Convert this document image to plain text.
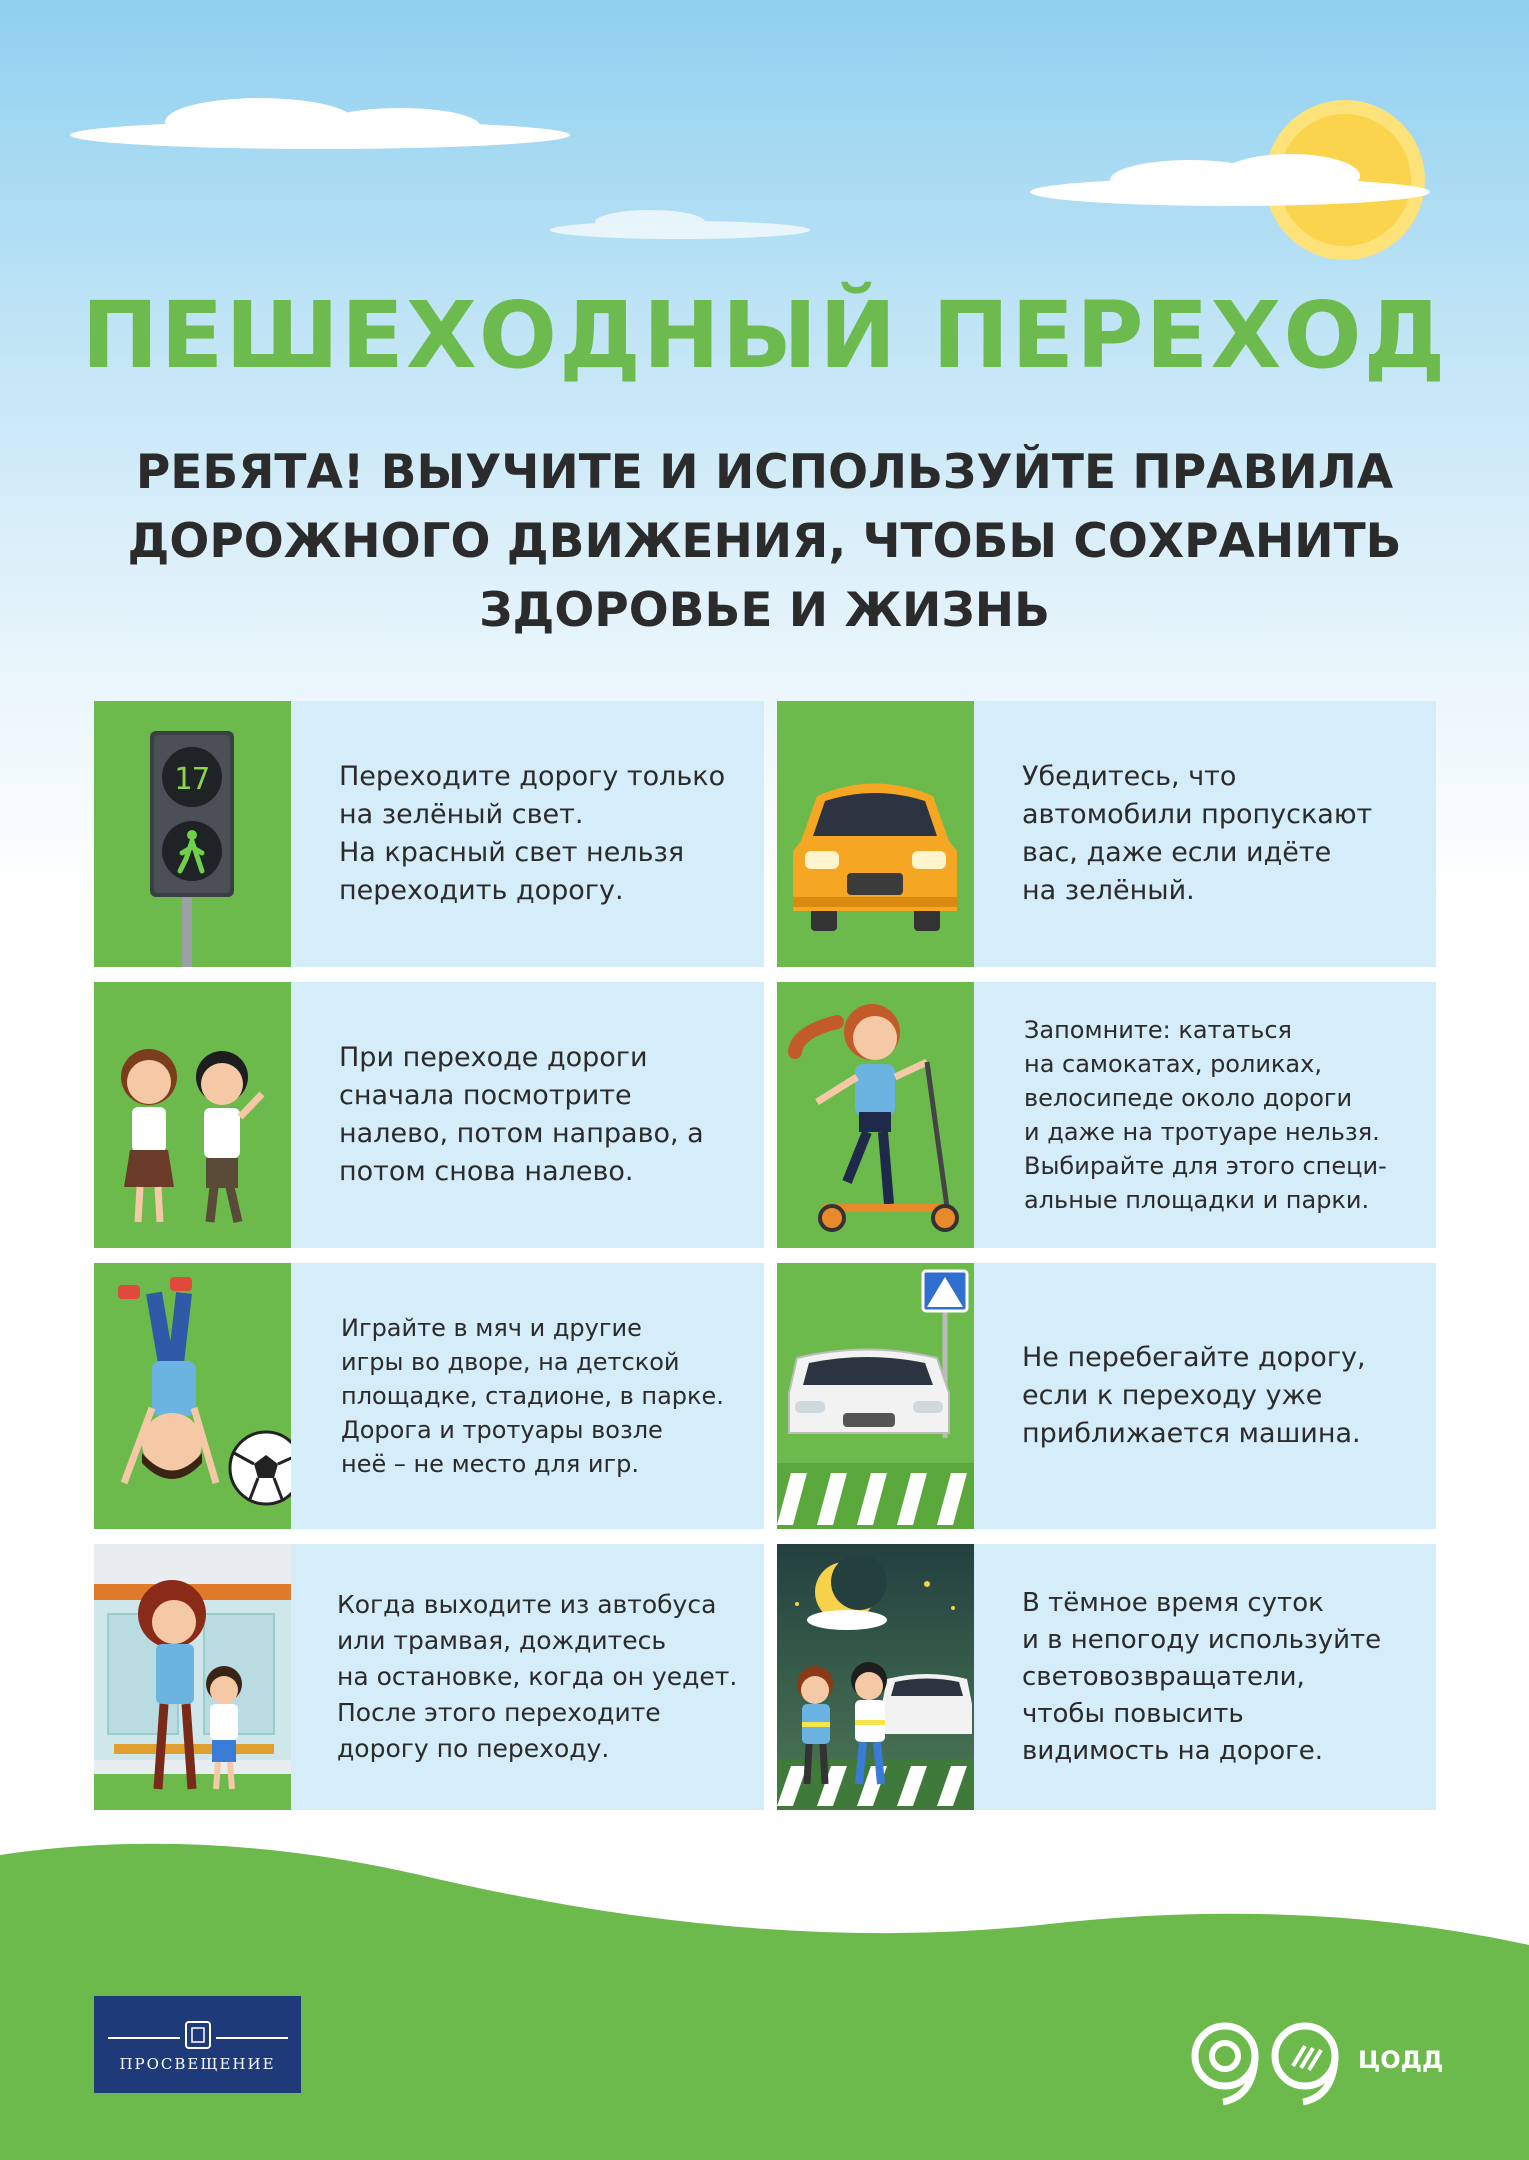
ПЕШЕХОДНЫЙ ПЕРЕХОД
РЕБЯТА! ВЫУЧИТЕ И ИСПОЛЬЗУЙТЕ ПРАВИЛА
ДОРОЖНОГО ДВИЖЕНИЯ, ЧТОБЫ СОХРАНИТЬ
ЗДОРОВЬЕ И ЖИЗНЬ
17	Переходите дорогу только
на зелёный свет.
На красный свет нельзя
переходить дорогу.

Убедитесь, что
автомобили пропускают
вас, даже если идёте
на зелёный.

При переходе дороги
сначала посмотрите
налево, потом направо, а
потом снова налево.

Запомните: кататься
на самокатах, роликах,
велосипеде около дороги
и даже на тротуаре нельзя.
Выбирайте для этого специ-
альные площадки и парки.

Играйте в мяч и другие
игры во дворе, на детской
площадке, стадионе, в парке.
Дорога и тротуары возле
неё – не место для игр.

Не перебегайте дорогу,
если к переходу уже
приближается машина.

Когда выходите из автобуса
или трамвая, дождитесь
на остановке, когда он уедет.
После этого переходите
дорогу по переходу.

В тёмное время суток
и в непогоду используйте
световозвращатели,
чтобы повысить
видимость на дороге.

ПРОСВЕЩЕНИЕ	ЦОДД
